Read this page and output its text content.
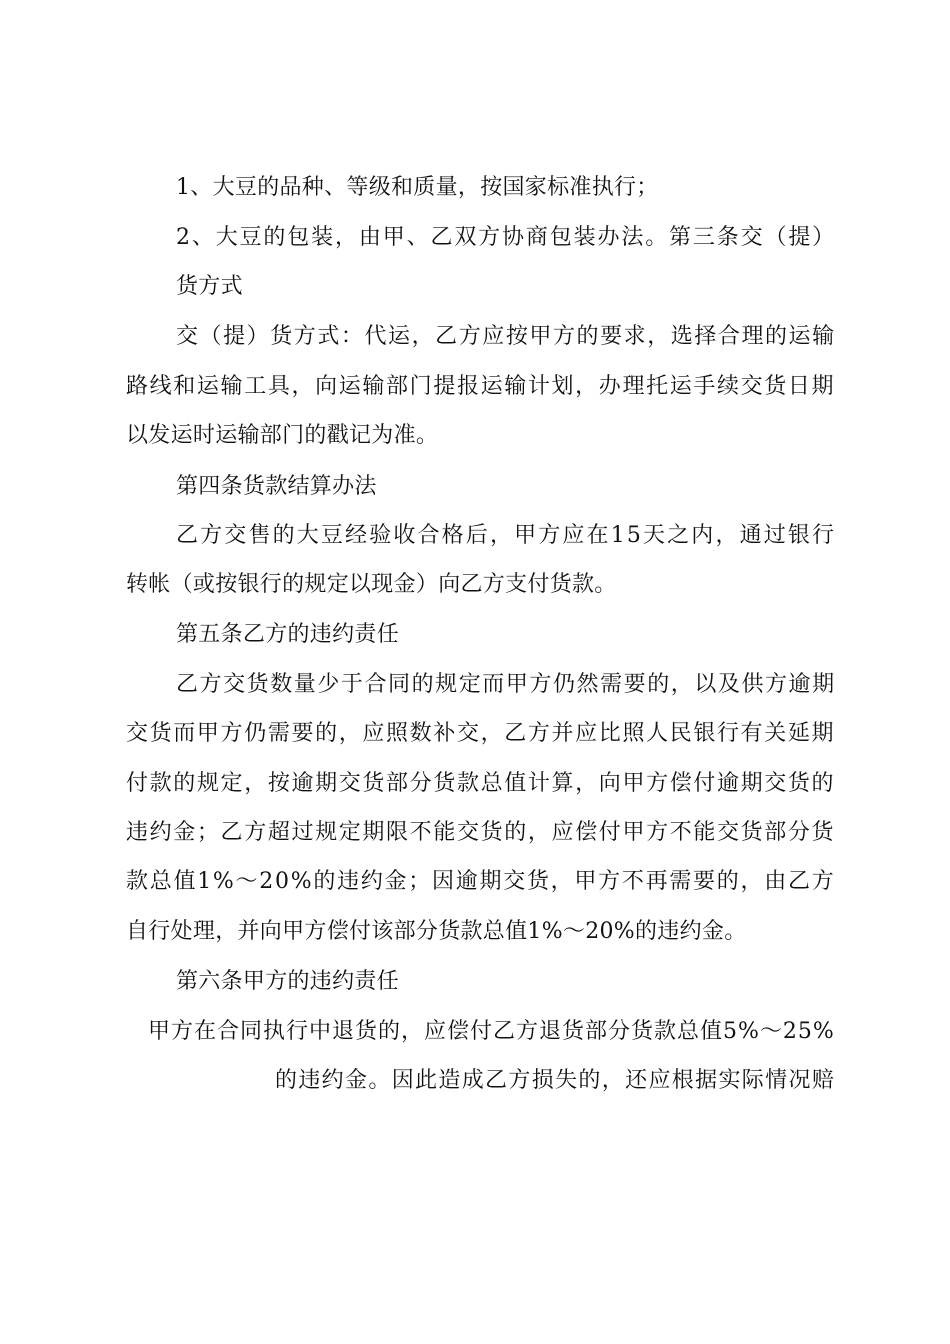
1、大豆的品种、等级和质量，按国家标准执行；
2、大豆的包装，由甲、乙双方协商包装办法。第三条交（提）
货方式
交（提）货方式：代运，乙方应按甲方的要求，选择合理的运输
路线和运输工具，向运输部门提报运输计划，办理托运手续交货日期
以发运时运输部门的戳记为准。
第四条货款结算办法
乙方交售的大豆经验收合格后，甲方应在15天之内，通过银行
转帐（或按银行的规定以现金）向乙方支付货款。
第五条乙方的违约责任
乙方交货数量少于合同的规定而甲方仍然需要的，以及供方逾期
交货而甲方仍需要的，应照数补交，乙方并应比照人民银行有关延期
付款的规定，按逾期交货部分货款总值计算，向甲方偿付逾期交货的
违约金；乙方超过规定期限不能交货的，应偿付甲方不能交货部分货
款总值1%〜20%的违约金；因逾期交货，甲方不再需要的，由乙方
自行处理，并向甲方偿付该部分货款总值1%〜20%的违约金。
第六条甲方的违约责任
甲方在合同执行中退货的，应偿付乙方退货部分货款总值5%〜25%
的违约金。因此造成乙方损失的，还应根据实际情况赔
